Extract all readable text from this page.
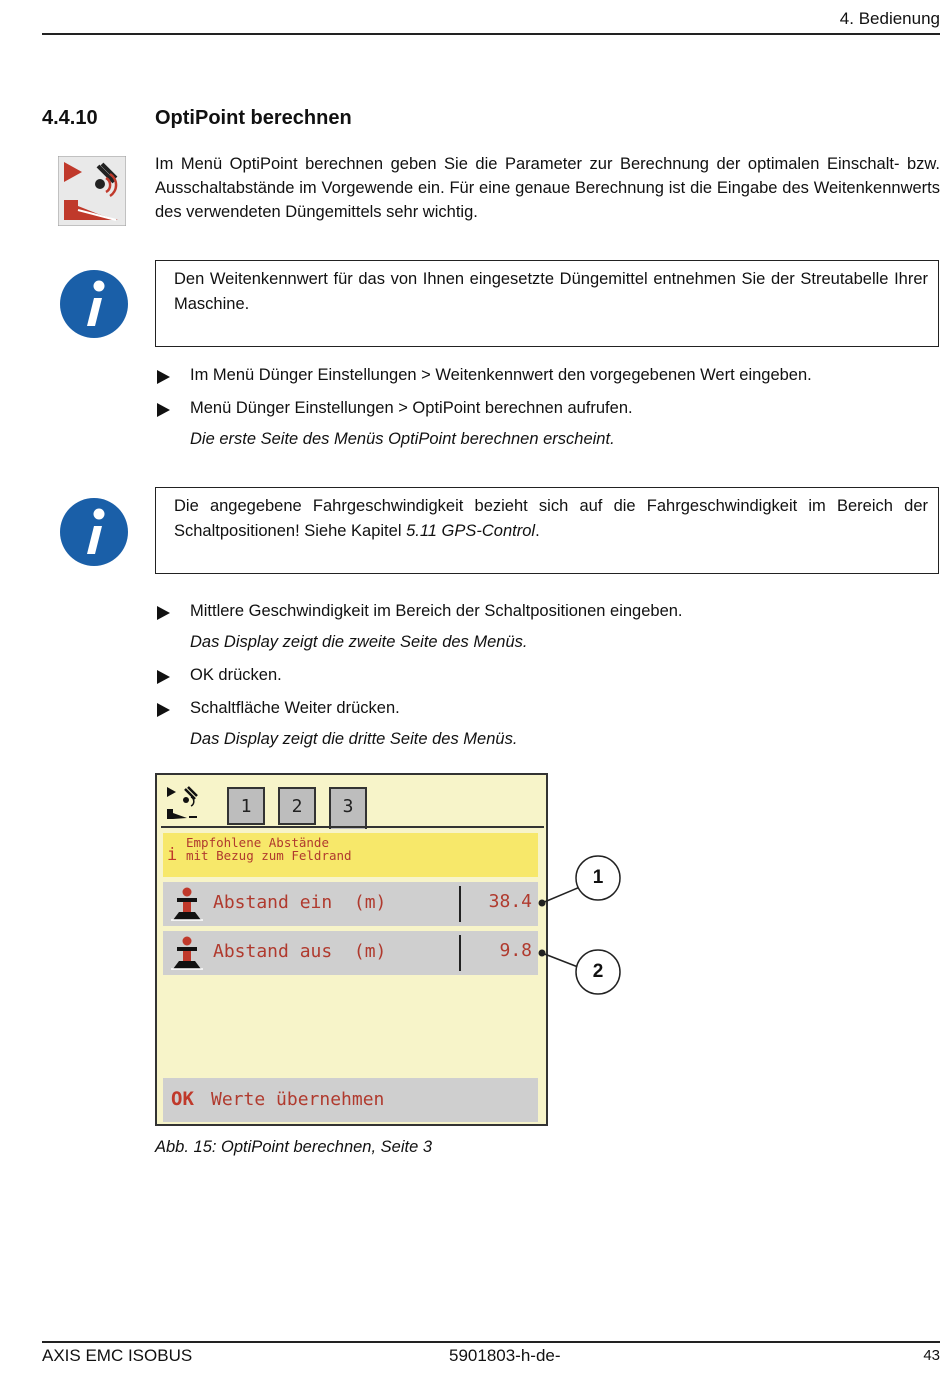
4. Bedienung
4.4.10	OptiPoint berechnen
Im Menü OptiPoint berechnen geben Sie die Parameter zur Berechnung der optimalen Einschalt- bzw. Ausschaltabstände im Vorgewende ein. Für eine genaue Berechnung ist die Eingabe des Weitenkennwerts des verwendeten Düngemittels sehr wichtig.
Den Weitenkennwert für das von Ihnen eingesetzte Düngemittel entnehmen Sie der Streutabelle Ihrer Maschine.
Im Menü Dünger Einstellungen > Weitenkennwert den vorgegebenen Wert eingeben.
Menü Dünger Einstellungen > OptiPoint berechnen aufrufen.
Die erste Seite des Menüs OptiPoint berechnen erscheint.
Die angegebene Fahrgeschwindigkeit bezieht sich auf die Fahrgeschwindigkeit im Bereich der Schaltpositionen! Siehe Kapitel 5.11 GPS-Control.
Mittlere Geschwindigkeit im Bereich der Schaltpositionen eingeben.
Das Display zeigt die zweite Seite des Menüs.
OK drücken.
Schaltfläche Weiter drücken.
Das Display zeigt die dritte Seite des Menüs.
1	2	3
i
Empfohlene Abstände
mit Bezug zum Feldrand
Abstand ein  (m)	38.4
Abstand aus  (m)	9.8
OK Werte übernehmen
1
2
Abb. 15: OptiPoint berechnen, Seite 3
AXIS EMC ISOBUS	5901803-h-de-	43
